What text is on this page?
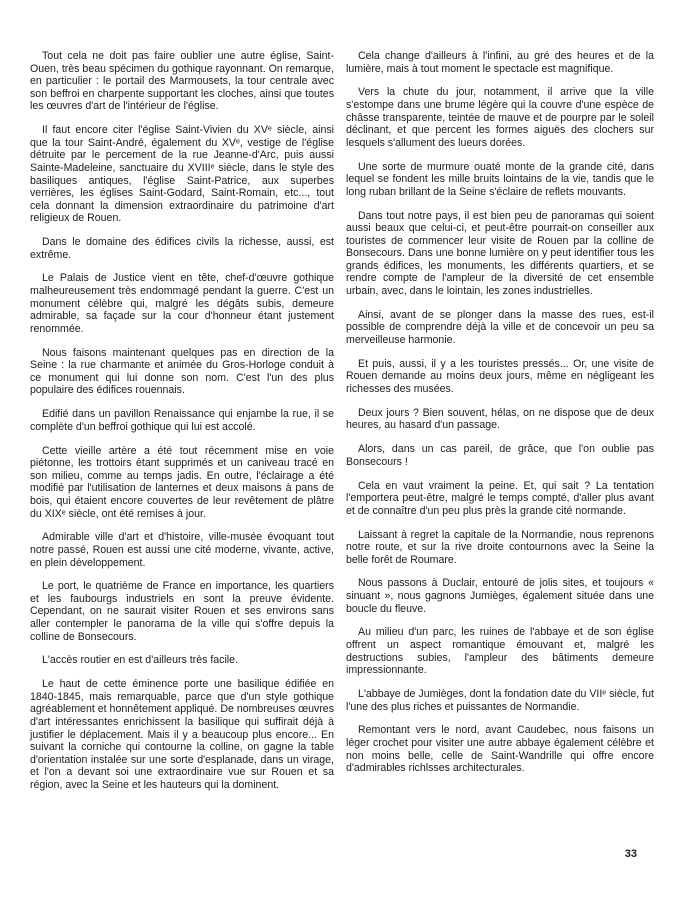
Tout cela ne doit pas faire oublier une autre église, Saint-Ouen, très beau spécimen du gothique rayonnant. On remarque, en particulier : le portail des Marmousets, la tour centrale avec son beffroi en charpente supportant les cloches, ainsi que toutes les œuvres d'art de l'intérieur de l'église.

Il faut encore citer l'église Saint-Vivien du XVᵉ siècle, ainsi que la tour Saint-André, également du XVᵉ, vestige de l'église détruite par le percement de la rue Jeanne-d'Arc, puis aussi Sainte-Madeleine, sanctuaire du XVIIIᵉ siècle, dans le style des basiliques antiques, l'église Saint-Patrice, aux superbes verrières, les églises Saint-Godard, Saint-Romain, etc..., tout cela donnant la dimension extraordinaire du patrimoine d'art religieux de Rouen.

Dans le domaine des édifices civils la richesse, aussi, est extrême.

Le Palais de Justice vient en tête, chef-d'œuvre gothique malheureusement très endommagé pendant la guerre. C'est un monument célèbre qui, malgré les dégâts subis, demeure admirable, sa façade sur la cour d'honneur étant justement renommée.

Nous faisons maintenant quelques pas en direction de la Seine : la rue charmante et animée du Gros-Horloge conduit à ce monument qui lui donne son nom. C'est l'un des plus populaire des édifices rouennais.

Edifié dans un pavillon Renaissance qui enjambe la rue, il se complète d'un beffroi gothique qui lui est accolé.

Cette vieille artère a été tout récemment mise en voie piétonne, les trottoirs étant supprimés et un caniveau tracé en son milieu, comme au temps jadis. En outre, l'éclairage a été modifié par l'utilisation de lanternes et deux maisons à pans de bois, qui étaient encore couvertes de leur revêtement de plâtre du XIXᵉ siècle, ont été remises à jour.

Admirable ville d'art et d'histoire, ville-musée évoquant tout notre passé, Rouen est aussi une cité moderne, vivante, active, en plein développement.

Le port, le quatrième de France en importance, les quartiers et les faubourgs industriels en sont la preuve évidente. Cependant, on ne saurait visiter Rouen et ses environs sans aller contempler le panorama de la ville qui s'offre depuis la colline de Bonsecours.

L'accès routier en est d'ailleurs très facile.

Le haut de cette éminence porte une basilique édifiée en 1840-1845, mais remarquable, parce que d'un style gothique agréablement et honnêtement appliqué. De nombreuses œuvres d'art intéressantes enrichissent la basilique qui suffirait déjà à justifier le déplacement. Mais il y a beaucoup plus encore... En suivant la corniche qui contourne la colline, on gagne la table d'orientation instalée sur une sorte d'esplanade, dans un virage, et l'on a devant soi une extraordinaire vue sur Rouen et sa région, avec la Seine et les hauteurs qui la dominent.

Cela change d'ailleurs à l'infini, au gré des heures et de la lumière, mais à tout moment le spectacle est magnifique.

Vers la chute du jour, notamment, il arrive que la ville s'estompe dans une brume légère qui la couvre d'une espèce de châsse transparente, teintée de mauve et de pourpre par le soleil déclinant, et que percent les formes aiguës des clochers sur lesquels s'allument des lueurs dorées.

Une sorte de murmure ouaté monte de la grande cité, dans lequel se fondent les mille bruits lointains de la vie, tandis que le long ruban brillant de la Seine s'éclaire de reflets mouvants.

Dans tout notre pays, il est bien peu de panoramas qui soient aussi beaux que celui-ci, et peut-être pourrait-on conseiller aux touristes de commencer leur visite de Rouen par la colline de Bonsecours. Dans une bonne lumière on y peut identifier tous les grands édifices, les monuments, les différents quartiers, et se rendre compte de l'ampleur de la diversité de cet ensemble urbain, avec, dans le lointain, les zones industrielles.

Ainsi, avant de se plonger dans la masse des rues, est-il possible de comprendre déjà la ville et de concevoir un peu sa merveilleuse harmonie.

Et puis, aussi, il y a les touristes pressés... Or, une visite de Rouen demande au moins deux jours, même en négligeant les richesses des musées.

Deux jours ? Bien souvent, hélas, on ne dispose que de deux heures, au hasard d'un passage.

Alors, dans un cas pareil, de grâce, que l'on oublie pas Bonsecours !

Cela en vaut vraiment la peine. Et, qui sait ? La tentation l'emportera peut-être, malgré le temps compté, d'aller plus avant et de connaître d'un peu plus près la grande cité normande.

Laissant à regret la capitale de la Normandie, nous reprenons notre route, et sur la rive droite contournons avec la Seine la belle forêt de Roumare.

Nous passons à Duclair, entouré de jolis sites, et toujours « sinuant », nous gagnons Jumièges, également située dans une boucle du fleuve.

Au milieu d'un parc, les ruines de l'abbaye et de son église offrent un aspect romantique émouvant et, malgré les destructions subies, l'ampleur des bâtiments demeure impressionnante.

L'abbaye de Jumièges, dont la fondation date du VIIᵉ siècle, fut l'une des plus riches et puissantes de Normandie.

Remontant vers le nord, avant Caudebec, nous faisons un léger crochet pour visiter une autre abbaye également célèbre et non moins belle, celle de Saint-Wandrille qui offre encore d'admirables richlsses architecturales.

33
